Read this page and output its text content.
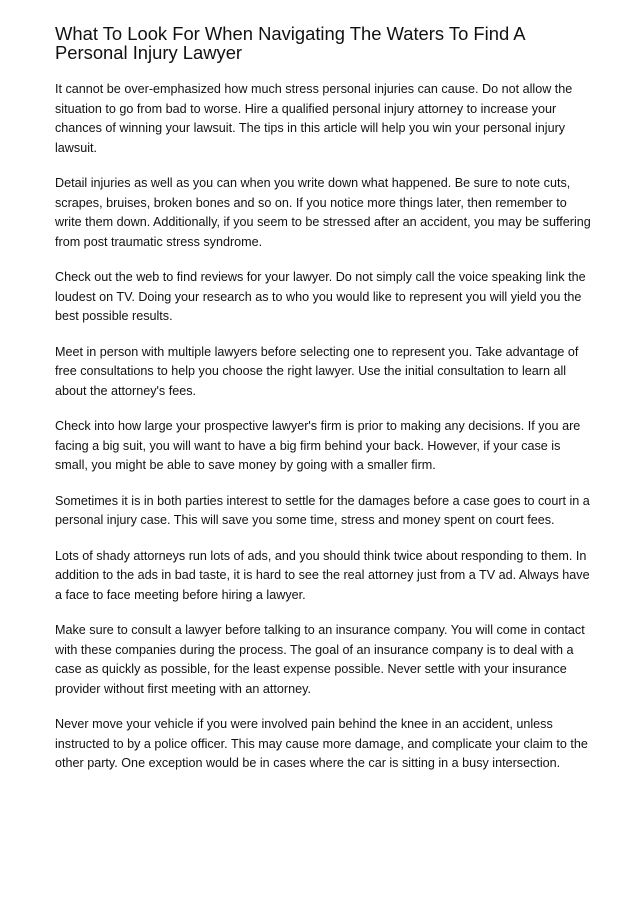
What To Look For When Navigating The Waters To Find A Personal Injury Lawyer

It cannot be over-emphasized how much stress personal injuries can cause. Do not allow the situation to go from bad to worse. Hire a qualified personal injury attorney to increase your chances of winning your lawsuit. The tips in this article will help you win your personal injury lawsuit.

Detail injuries as well as you can when you write down what happened. Be sure to note cuts, scrapes, bruises, broken bones and so on. If you notice more things later, then remember to write them down. Additionally, if you seem to be stressed after an accident, you may be suffering from post traumatic stress syndrome.

Check out the web to find reviews for your lawyer. Do not simply call the voice speaking link the loudest on TV. Doing your research as to who you would like to represent you will yield you the best possible results.

Meet in person with multiple lawyers before selecting one to represent you. Take advantage of free consultations to help you choose the right lawyer. Use the initial consultation to learn all about the attorney's fees.

Check into how large your prospective lawyer's firm is prior to making any decisions. If you are facing a big suit, you will want to have a big firm behind your back. However, if your case is small, you might be able to save money by going with a smaller firm.

Sometimes it is in both parties interest to settle for the damages before a case goes to court in a personal injury case. This will save you some time, stress and money spent on court fees.

Lots of shady attorneys run lots of ads, and you should think twice about responding to them. In addition to the ads in bad taste, it is hard to see the real attorney just from a TV ad. Always have a face to face meeting before hiring a lawyer.

Make sure to consult a lawyer before talking to an insurance company. You will come in contact with these companies during the process. The goal of an insurance company is to deal with a case as quickly as possible, for the least expense possible. Never settle with your insurance provider without first meeting with an attorney.

Never move your vehicle if you were involved pain behind the knee in an accident, unless instructed to by a police officer. This may cause more damage, and complicate your claim to the other party. One exception would be in cases where the car is sitting in a busy intersection.
